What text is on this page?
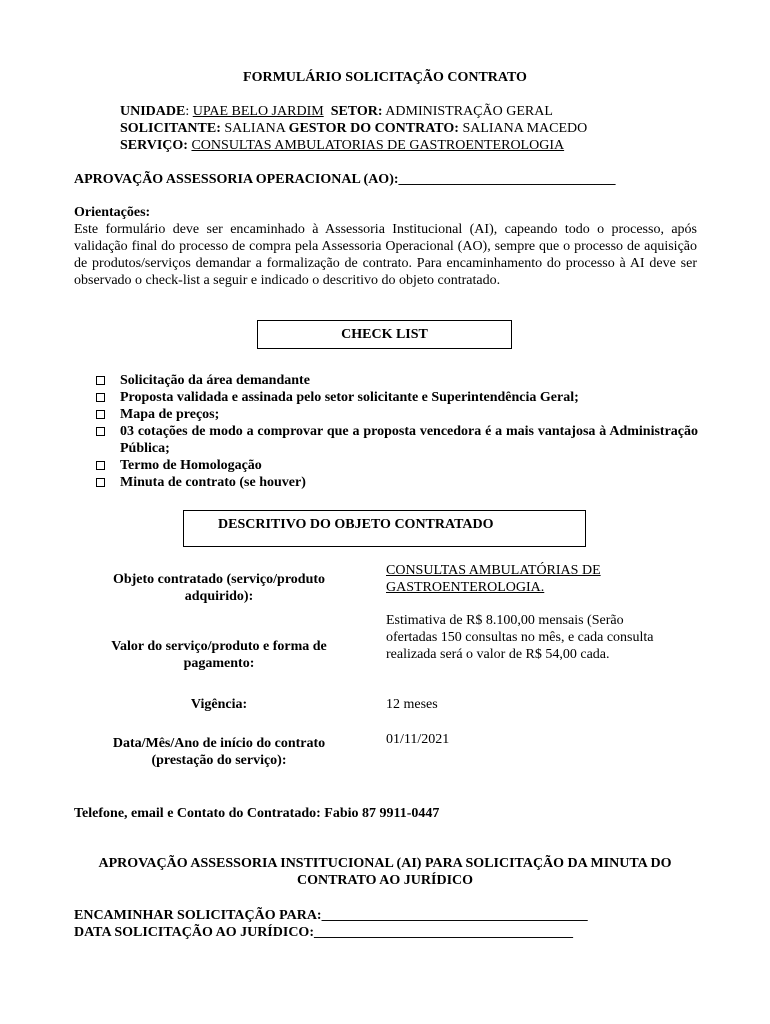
FORMULÁRIO SOLICITAÇÃO CONTRATO
UNIDADE: UPAE BELO JARDIM SETOR: ADMINISTRAÇÃO GERAL
SOLICITANTE: SALIANA GESTOR DO CONTRATO: SALIANA MACEDO
SERVIÇO: CONSULTAS AMBULATORIAS DE GASTROENTEROLOGIA
APROVAÇÃO ASSESSORIA OPERACIONAL (AO):_______________________________
Orientações:
Este formulário deve ser encaminhado à Assessoria Institucional (AI), capeando todo o processo, após validação final do processo de compra pela Assessoria Operacional (AO), sempre que o processo de aquisição de produtos/serviços demandar a formalização de contrato. Para encaminhamento do processo à AI deve ser observado o check-list a seguir e indicado o descritivo do objeto contratado.
CHECK LIST
Solicitação da área demandante
Proposta validada e assinada pelo setor solicitante e Superintendência Geral;
Mapa de preços;
03 cotações de modo a comprovar que a proposta vencedora é a mais vantajosa à Administração Pública;
Termo de Homologação
Minuta de contrato (se houver)
DESCRITIVO DO OBJETO CONTRATADO
Objeto contratado (serviço/produto adquirido):
CONSULTAS AMBULATÓRIAS DE GASTROENTEROLOGIA.
Valor do serviço/produto e forma de pagamento:
Estimativa de R$ 8.100,00 mensais (Serão ofertadas 150 consultas no mês, e cada consulta realizada será o valor de R$ 54,00 cada.
Vigência:	12 meses
Data/Mês/Ano de início do contrato (prestação do serviço):
01/11/2021
Telefone, email e Contato do Contratado: Fabio 87 9911-0447
APROVAÇÃO ASSESSORIA INSTITUCIONAL (AI) PARA SOLICITAÇÃO DA MINUTA DO CONTRATO AO JURÍDICO
ENCAMINHAR SOLICITAÇÃO PARA:______________________________________
DATA SOLICITAÇÃO AO JURÍDICO:_____________________________________
